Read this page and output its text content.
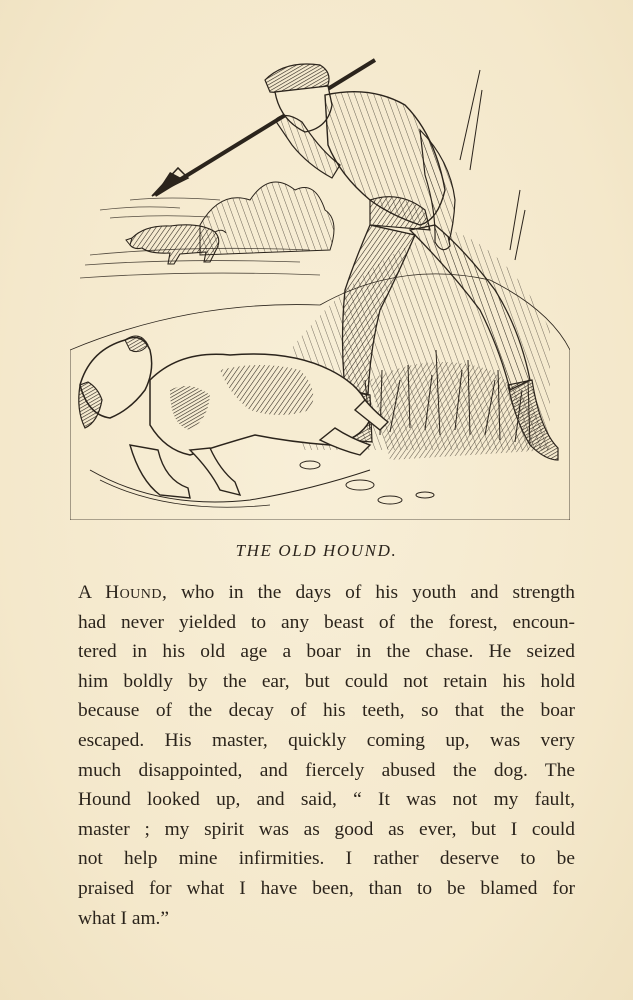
THE OLD HOUND.
A Hound, who in the days of his youth and strength
had never yielded to any beast of the forest, encoun-
tered in his old age a boar in the chase. He seized
him boldly by the ear, but could not retain his hold
because of the decay of his teeth, so that the boar
escaped. His master, quickly coming up, was very
much disappointed, and fiercely abused the dog. The
Hound looked up, and said, “ It was not my fault,
master ; my spirit was as good as ever, but I could
not help mine infirmities. I rather deserve to be
praised for what I have been, than to be blamed for
what I am.”
